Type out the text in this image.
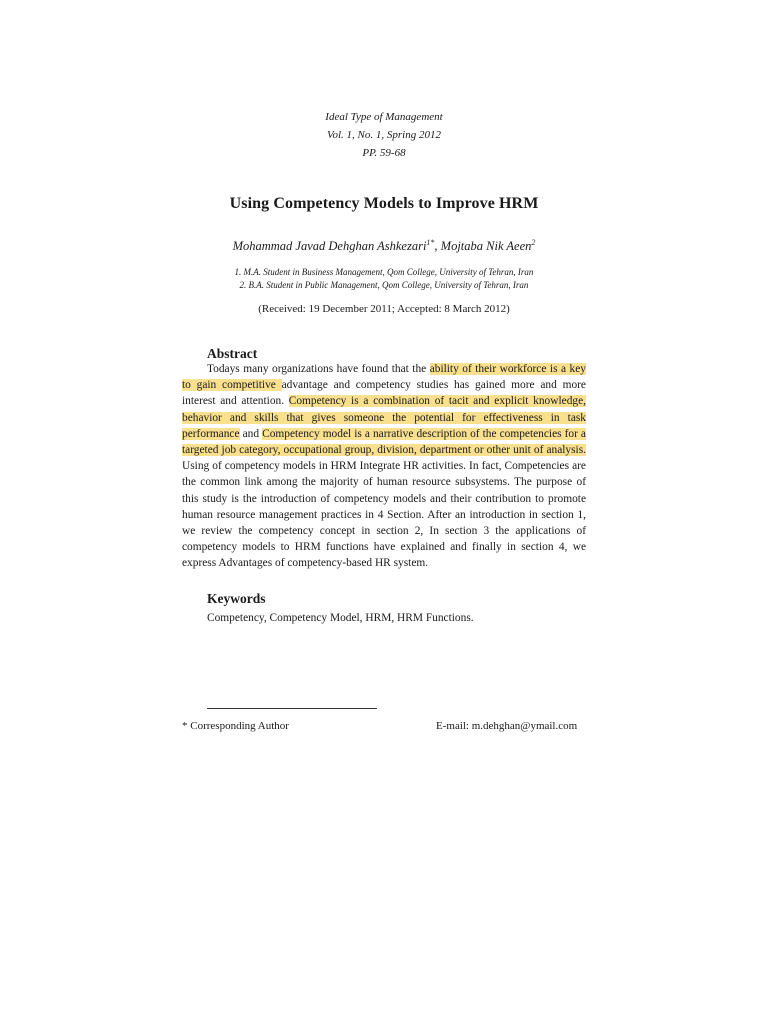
Ideal Type of Management
Vol. 1, No. 1, Spring 2012
PP. 59-68
Using Competency Models to Improve HRM
Mohammad Javad Dehghan Ashkezari$^{1*}$, Mojtaba Nik Aeen$^2$
1. M.A. Student in Business Management, Qom College, University of Tehran, Iran
2. B.A. Student in Public Management, Qom College, University of Tehran, Iran
(Received: 19 December 2011; Accepted: 8 March 2012)
Abstract
Todays many organizations have found that the ability of their workforce is a key to gain competitive advantage and competency studies has gained more and more interest and attention. Competency is a combination of tacit and explicit knowledge, behavior and skills that gives someone the potential for effectiveness in task performance and Competency model is a narrative description of the competencies for a targeted job category, occupational group, division, department or other unit of analysis. Using of competency models in HRM Integrate HR activities. In fact, Competencies are the common link among the majority of human resource subsystems. The purpose of this study is the introduction of competency models and their contribution to promote human resource management practices in 4 Section. After an introduction in section 1, we review the competency concept in section 2, In section 3 the applications of competency models to HRM functions have explained and finally in section 4, we express Advantages of competency-based HR system.
Keywords
Competency, Competency Model, HRM, HRM Functions.
* Corresponding Author	E-mail: m.dehghan@ymail.com
